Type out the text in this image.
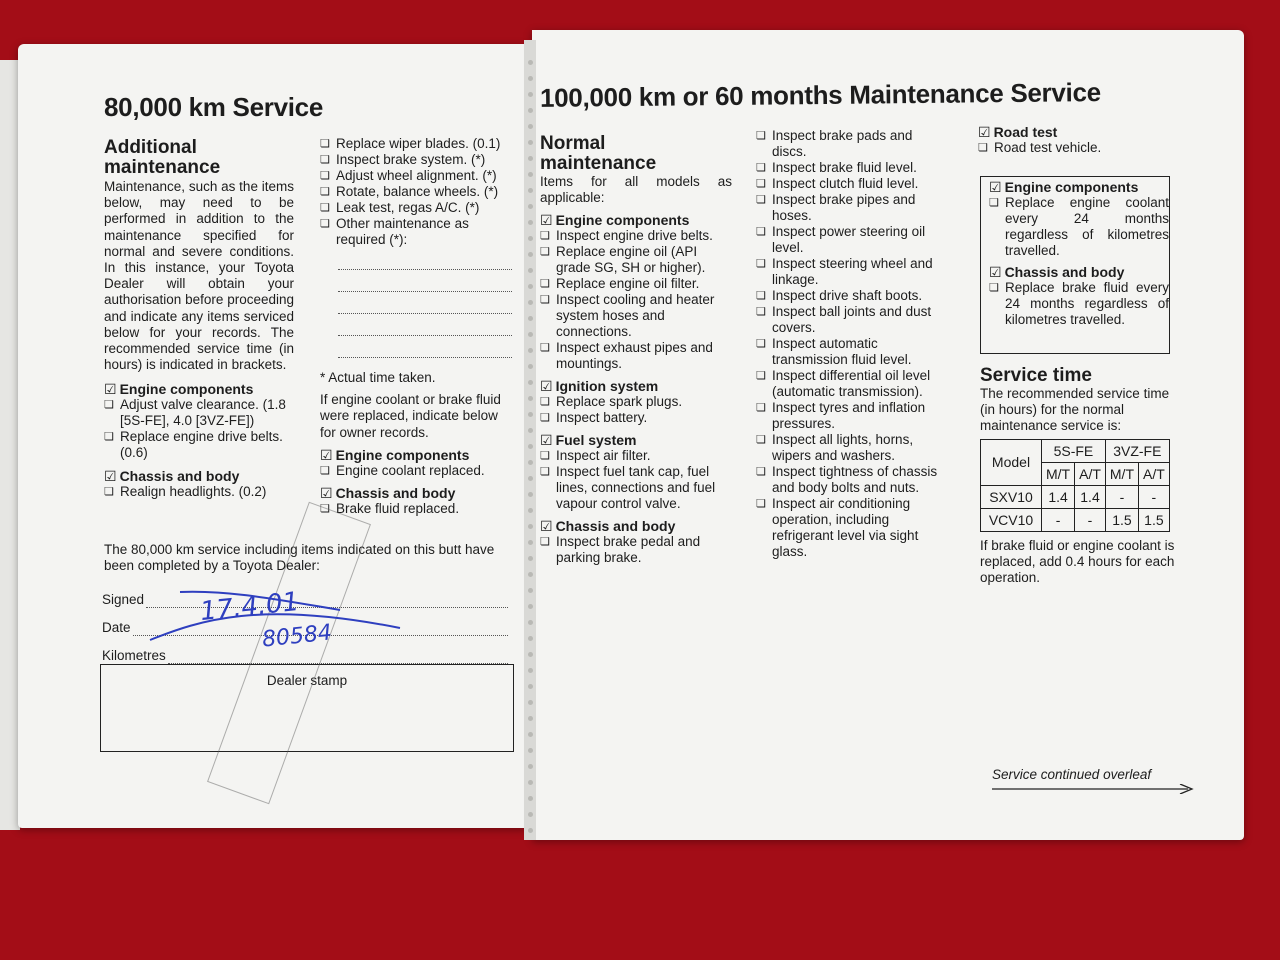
80,000 km Service
Additional
maintenance
Maintenance, such as the items below, may need to be performed in addition to the maintenance specified for normal and severe conditions. In this instance, your Toyota Dealer will obtain your authorisation before proceeding and indicate any items serviced below for your records. The recommended service time (in hours) is indicated in brackets.
☑ Engine components
❏ Adjust valve clearance. (1.8 [5S-FE], 4.0 [3VZ-FE])
❏ Replace engine drive belts. (0.6)
☑ Chassis and body
❏ Realign headlights. (0.2)
❏ Replace wiper blades. (0.1)
❏ Inspect brake system. (*)
❏ Adjust wheel alignment. (*)
❏ Rotate, balance wheels. (*)
❏ Leak test, regas A/C. (*)
❏ Other maintenance as required (*):
* Actual time taken.
If engine coolant or brake fluid were replaced, indicate below for owner records.
☑ Engine components
❏ Engine coolant replaced.
☑ Chassis and body
❏ Brake fluid replaced.
The 80,000 km service including items indicated on this butt have been completed by a Toyota Dealer:
Signed
Date
Kilometres
Dealer stamp
17.4.01
80584
100,000 km or 60 months Maintenance Service
Normal
maintenance
Items for all models as applicable:
☑ Engine components
❏ Inspect engine drive belts.
❏ Replace engine oil (API grade SG, SH or higher).
❏ Replace engine oil filter.
❏ Inspect cooling and heater system hoses and connections.
❏ Inspect exhaust pipes and mountings.
☑ Ignition system
❏ Replace spark plugs.
❏ Inspect battery.
☑ Fuel system
❏ Inspect air filter.
❏ Inspect fuel tank cap, fuel lines, connections and fuel vapour control valve.
☑ Chassis and body
❏ Inspect brake pedal and parking brake.
❏ Inspect brake pads and discs.
❏ Inspect brake fluid level.
❏ Inspect clutch fluid level.
❏ Inspect brake pipes and hoses.
❏ Inspect power steering oil level.
❏ Inspect steering wheel and linkage.
❏ Inspect drive shaft boots.
❏ Inspect ball joints and dust covers.
❏ Inspect automatic transmission fluid level.
❏ Inspect differential oil level (automatic transmission).
❏ Inspect tyres and inflation pressures.
❏ Inspect all lights, horns, wipers and washers.
❏ Inspect tightness of chassis and body bolts and nuts.
❏ Inspect air conditioning operation, including refrigerant level via sight glass.
☑ Road test
❏ Road test vehicle.
☑ Engine components
❏ Replace engine coolant every 24 months regardless of kilometres travelled.
☑ Chassis and body
❏ Replace brake fluid every 24 months regardless of kilometres travelled.
Service time
The recommended service time (in hours) for the normal maintenance service is:
Model	5S-FE		3VZ-FE	
	M/T	A/T	M/T	A/T
SXV10	1.4	1.4	-	-
VCV10	-	-	1.5	1.5
If brake fluid or engine coolant is replaced, add 0.4 hours for each operation.
Service continued overleaf
